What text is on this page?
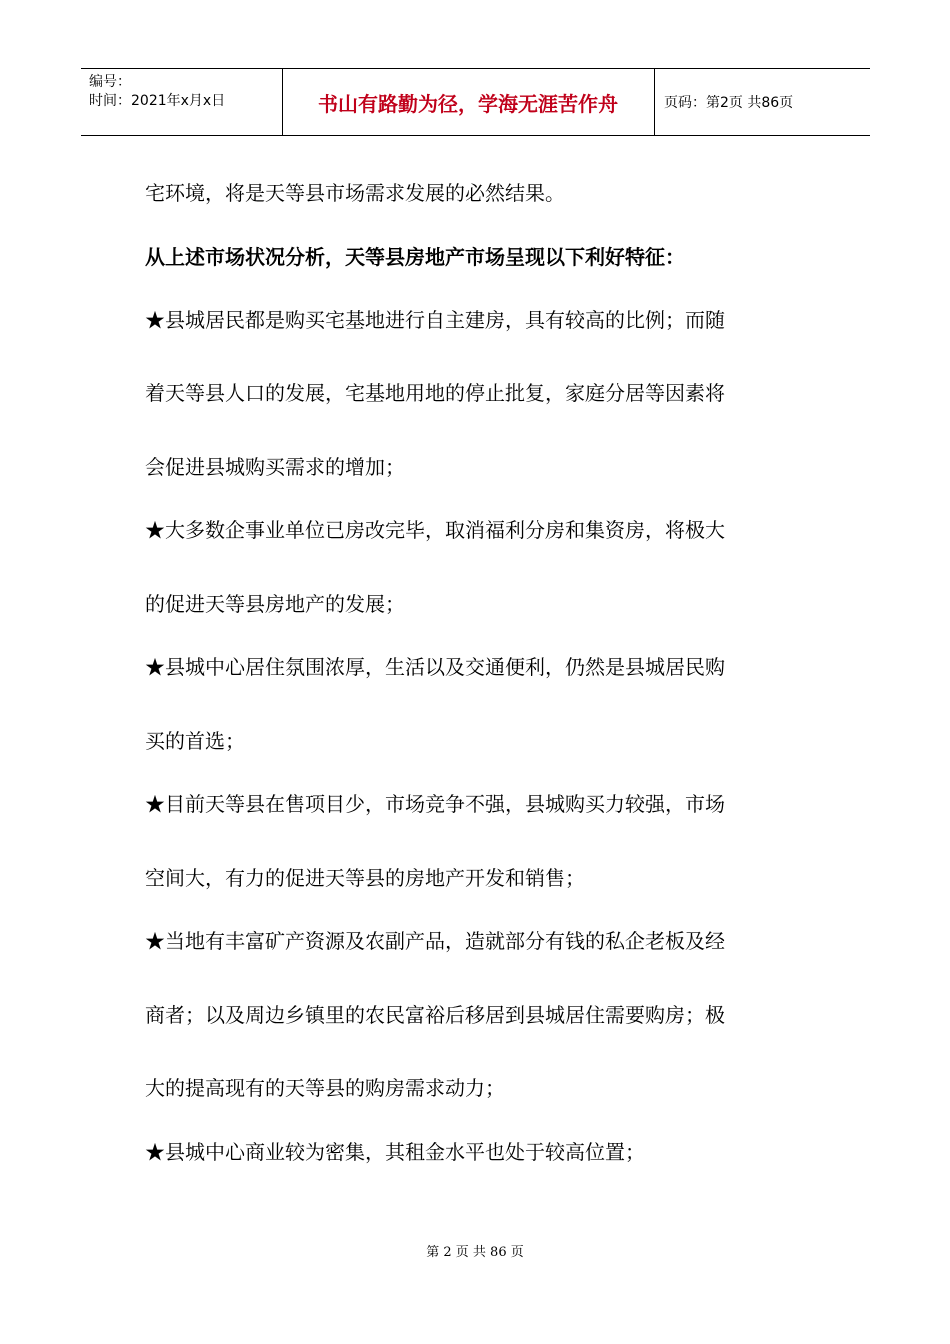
编号：
时间：2021年x月x日	书山有路勤为径，学海无涯苦作舟	页码：第2页 共86页
宅环境，将是天等县市场需求发展的必然结果。
从上述市场状况分析，天等县房地产市场呈现以下利好特征：
★县城居民都是购买宅基地进行自主建房，具有较高的比例；而随
着天等县人口的发展，宅基地用地的停止批复，家庭分居等因素将
会促进县城购买需求的增加；
★大多数企事业单位已房改完毕，取消福利分房和集资房，将极大
的促进天等县房地产的发展；
★县城中心居住氛围浓厚，生活以及交通便利，仍然是县城居民购
买的首选；
★目前天等县在售项目少，市场竞争不强，县城购买力较强，市场
空间大，有力的促进天等县的房地产开发和销售；
★当地有丰富矿产资源及农副产品，造就部分有钱的私企老板及经
商者；以及周边乡镇里的农民富裕后移居到县城居住需要购房；极
大的提高现有的天等县的购房需求动力；
★县城中心商业较为密集，其租金水平也处于较高位置；
第 2 页 共 86 页
